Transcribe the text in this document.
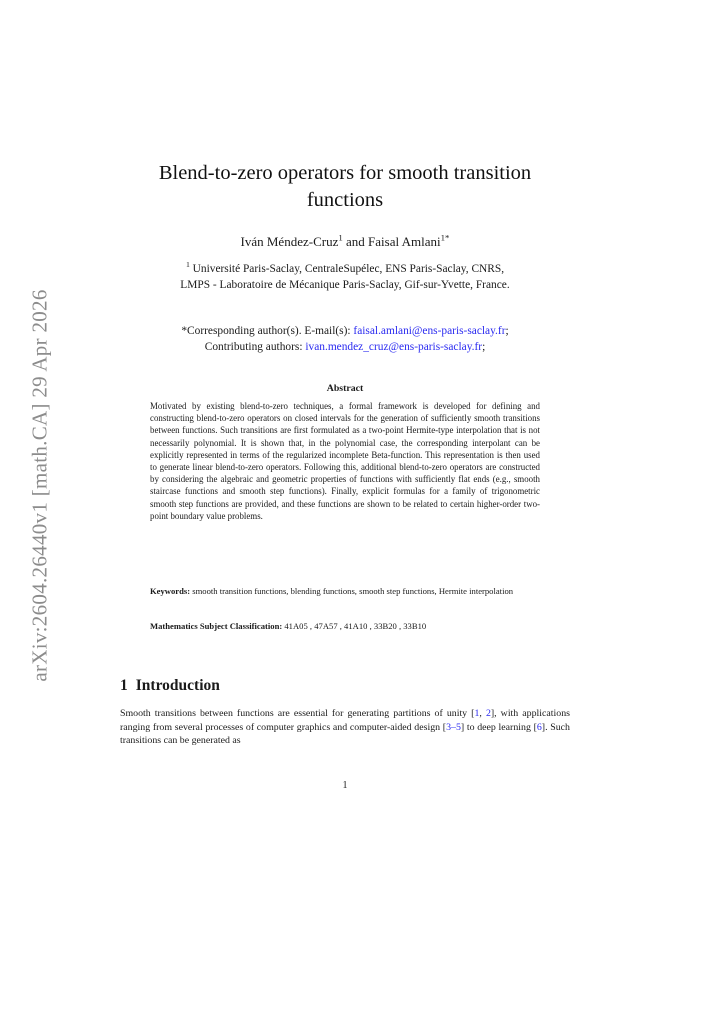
arXiv:2604.26440v1 [math.CA] 29 Apr 2026
Blend-to-zero operators for smooth transition
functions
Iván Méndez-Cruz$^1$ and Faisal Amlani$^{1*}$
$^1$ Université Paris-Saclay, CentraleSupélec, ENS Paris-Saclay, CNRS,
LMPS - Laboratoire de Mécanique Paris-Saclay, Gif-sur-Yvette, France.
*Corresponding author(s). E-mail(s): faisal.amlani@ens-paris-saclay.fr;
Contributing authors: ivan.mendez_cruz@ens-paris-saclay.fr;
Abstract

Motivated by existing blend-to-zero techniques, a formal framework is developed for defining and constructing blend-to-zero operators on closed intervals for the generation of sufficiently smooth transitions between functions. Such transitions are first formulated as a two-point Hermite-type interpolation that is not necessarily polynomial. It is shown that, in the polynomial case, the corresponding interpolant can be explicitly represented in terms of the regularized incomplete Beta-function. This representation is then used to generate linear blend-to-zero operators. Following this, additional blend-to-zero operators are constructed by considering the algebraic and geometric properties of functions with sufficiently flat ends (e.g., smooth staircase functions and smooth step functions). Finally, explicit formulas for a family of trigonometric smooth step functions are provided, and these functions are shown to be related to certain higher-order two-point boundary value problems.

Keywords: smooth transition functions, blending functions, smooth step functions, Hermite interpolation
Mathematics Subject Classification: 41A05 , 47A57 , 41A10 , 33B20 , 33B10
1 Introduction

Smooth transitions between functions are essential for generating partitions of unity [1, 2], with applications ranging from several processes of computer graphics and computer-aided design [3–5] to deep learning [6]. Such transitions can be generated as

1
